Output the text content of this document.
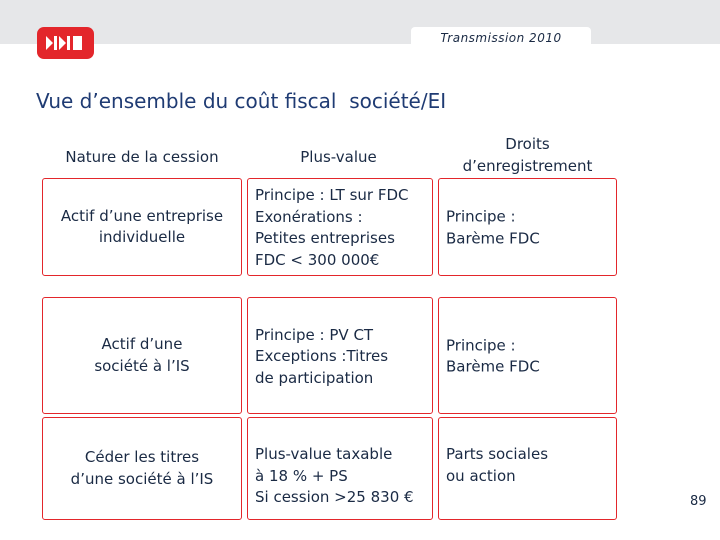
Transmission 2010
Vue d’ensemble du coût fiscal  société/EI
Nature de la cession	Plus-value
Droits
d’enregistrement
Actif d’une entreprise
individuelle
Principe : LT sur FDC
Exonérations :
Petites entreprises
FDC < 300 000€
Principe :
Barème FDC
Actif d’une
société à l’IS
Principe : PV CT
Exceptions :Titres
de participation
Principe :
Barème FDC
Céder les titres
d’une société à l’IS
Plus-value taxable
à 18 % + PS
Si cession >25 830 €
Parts sociales
ou action
89
